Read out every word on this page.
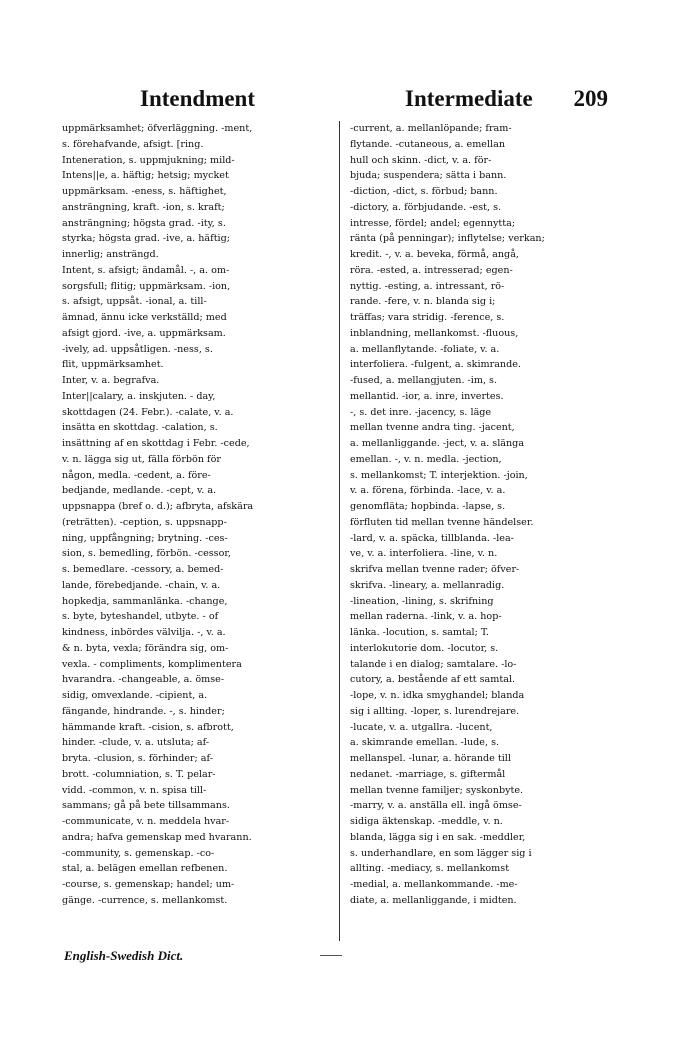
Intendment	Intermediate 209
uppmärksamhet; öfverläggning. -ment,
s. förehafvande, afsigt. [ring.
Inteneration, s. uppmjukning; mild-
Intens||e, a. häftig; hetsig; mycket
uppmärksam. -eness, s. häftighet,
ansträngning, kraft. -ion, s. kraft;
ansträngning; högsta grad. -ity, s.
styrka; högsta grad. -ive, a. häftig;
innerlig; ansträngd.
Intent, s. afsigt; ändamål. -, a. om-
sorgsfull; flitig; uppmärksam. -ion,
s. afsigt, uppsåt. -ional, a. till-
ämnad, ännu icke verkställd; med
afsigt gjord. -ive, a. uppmärksam.
-ively, ad. uppsåtligen. -ness, s.
flit, uppmärksamhet.
Inter, v. a. begrafva.
Inter||calary, a. inskjuten. - day,
skottdagen (24. Febr.). -calate, v. a.
insätta en skottdag. -calation, s.
insättning af en skottdag i Febr. -cede,
v. n. lägga sig ut, fälla förbön för
någon, medla. -cedent, a. före-
bedjande, medlande. -cept, v. a.
uppsnappa (bref o. d.); afbryta, afskära
(reträtten). -ception, s. uppsnapp-
ning, uppfångning; brytning. -ces-
sion, s. bemedling, förbön. -cessor,
s. bemedlare. -cessory, a. bemed-
lande, förebedjande. -chain, v. a.
hopkedja, sammanlänka. -change,
s. byte, byteshandel, utbyte. - of
kindness, inbördes välvilja. -, v. a.
& n. byta, vexla; förändra sig, om-
vexla. - compliments, komplimentera
hvarandra. -changeable, a. ömse-
sidig, omvexlande. -cipient, a.
fängande, hindrande. -, s. hinder;
hämmande kraft. -cision, s. afbrott,
hinder. -clude, v. a. utsluta; af-
bryta. -clusion, s. förhinder; af-
brott. -columniation, s. T. pelar-
vidd. -common, v. n. spisa till-
sammans; gå på bete tillsammans.
-communicate, v. n. meddela hvar-
andra; hafva gemenskap med hvarann.
-community, s. gemenskap. -co-
stal, a. belägen emellan refbenen.
-course, s. gemenskap; handel; um-
gänge. -currence, s. mellankomst.
-current, a. mellanlöpande; fram-
flytande. -cutaneous, a. emellan
hull och skinn. -dict, v. a. för-
bjuda; suspendera; sätta i bann.
-diction, -dict, s. förbud; bann.
-dictory, a. förbjudande. -est, s.
intresse, fördel; andel; egennytta;
ränta (på penningar); inflytelse; verkan;
kredit. -, v. a. beveka, förmå, angå,
röra. -ested, a. intresserad; egen-
nyttig. -esting, a. intressant, rö-
rande. -fere, v. n. blanda sig i;
träffas; vara stridig. -ference, s.
inblandning, mellankomst. -fluous,
a. mellanflytande. -foliate, v. a.
interfoliera. -fulgent, a. skimrande.
-fused, a. mellangjuten. -im, s.
mellantid. -ior, a. inre, invertes.
-, s. det inre. -jacency, s. läge
mellan tvenne andra ting. -jacent,
a. mellanliggande. -ject, v. a. slänga
emellan. -, v. n. medla. -jection,
s. mellankomst; T. interjektion. -join,
v. a. förena, förbinda. -lace, v. a.
genomfläta; hopbinda. -lapse, s.
förfluten tid mellan tvenne händelser.
-lard, v. a. späcka, tillblanda. -lea-
ve, v. a. interfoliera. -line, v. n.
skrifva mellan tvenne rader; öfver-
skrifva. -lineary, a. mellanradig.
-lineation, -lining, s. skrifning
mellan raderna. -link, v. a. hop-
länka. -locution, s. samtal; T.
interlokutorie dom. -locutor, s.
talande i en dialog; samtalare. -lo-
cutory, a. bestående af ett samtal.
-lope, v. n. idka smyghandel; blanda
sig i allting. -loper, s. lurendrejare.
-lucate, v. a. utgallra. -lucent,
a. skimrande emellan. -lude, s.
mellanspel. -lunar, a. hörande till
nedanet. -marriage, s. giftermål
mellan tvenne familjer; syskonbyte.
-marry, v. a. anställa ell. ingå ömse-
sidiga äktenskap. -meddle, v. n.
blanda, lägga sig i en sak. -meddler,
s. underhandlare, en som lägger sig i
allting. -mediacy, s. mellankomst
-medial, a. mellankommande. -me-
diate, a. mellanliggande, i midten.
English-Swedish Dict.
